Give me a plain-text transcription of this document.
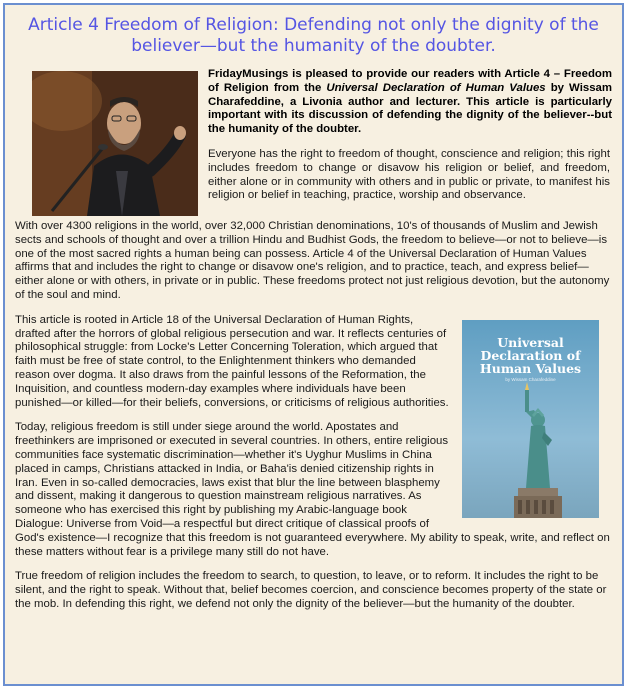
Article 4 Freedom of Religion: Defending not only the dignity of the believer—but the humanity of the doubter.

FridayMusings is pleased to provide our readers with Article 4 – Freedom of Religion from the Universal Declaration of Human Values by Wissam Charafeddine, a Livonia author and lecturer. This article is particularly important with its discussion of defending the dignity of the believer--but the humanity of the doubter.

Everyone has the right to freedom of thought, conscience and religion; this right includes freedom to change or disavow his religion or belief, and freedom, either alone or in community with others and in public or private, to manifest his religion or belief in teaching, practice, worship and observance.

With over 4300 religions in the world, over 32,000 Christian denominations, 10's of thousands of Muslim and Jewish sects and schools of thought and over a trillion Hindu and Budhist Gods, the freedom to believe—or not to believe—is one of the most sacred rights a human being can possess. Article 4 of the Universal Declaration of Human Values affirms that and includes the right to change or disavow one's religion, and to practice, teach, and express belief—either alone or with others, in private or in public. These freedoms protect not just religious devotion, but the autonomy of the soul and mind.

Universal
Declaration of
Human Values
by Wissam Charafeddine

This article is rooted in Article 18 of the Universal Declaration of Human Rights, drafted after the horrors of global religious persecution and war. It reflects centuries of philosophical struggle: from Locke's Letter Concerning Toleration, which argued that faith must be free of state control, to the Enlightenment thinkers who demanded reason over dogma. It also draws from the painful lessons of the Reformation, the Inquisition, and countless modern-day examples where individuals have been punished—or killed—for their beliefs, conversions, or criticisms of religious authorities.

Today, religious freedom is still under siege around the world. Apostates and freethinkers are imprisoned or executed in several countries. In others, entire religious communities face systematic discrimination—whether it's Uyghur Muslims in China placed in camps, Christians attacked in India, or Baha'is denied citizenship rights in Iran. Even in so-called democracies, laws exist that blur the line between blasphemy and dissent, making it dangerous to question mainstream religious narratives. As someone who has exercised this right by publishing my Arabic-language book Dialogue: Universe from Void—a respectful but direct critique of classical proofs of God's existence—I recognize that this freedom is not guaranteed everywhere. My ability to speak, write, and reflect on these matters without fear is a privilege many still do not have.

True freedom of religion includes the freedom to search, to question, to leave, or to reform. It includes the right to be silent, and the right to speak. Without that, belief becomes coercion, and conscience becomes property of the state or the mob. In defending this right, we defend not only the dignity of the believer—but the humanity of the doubter.
